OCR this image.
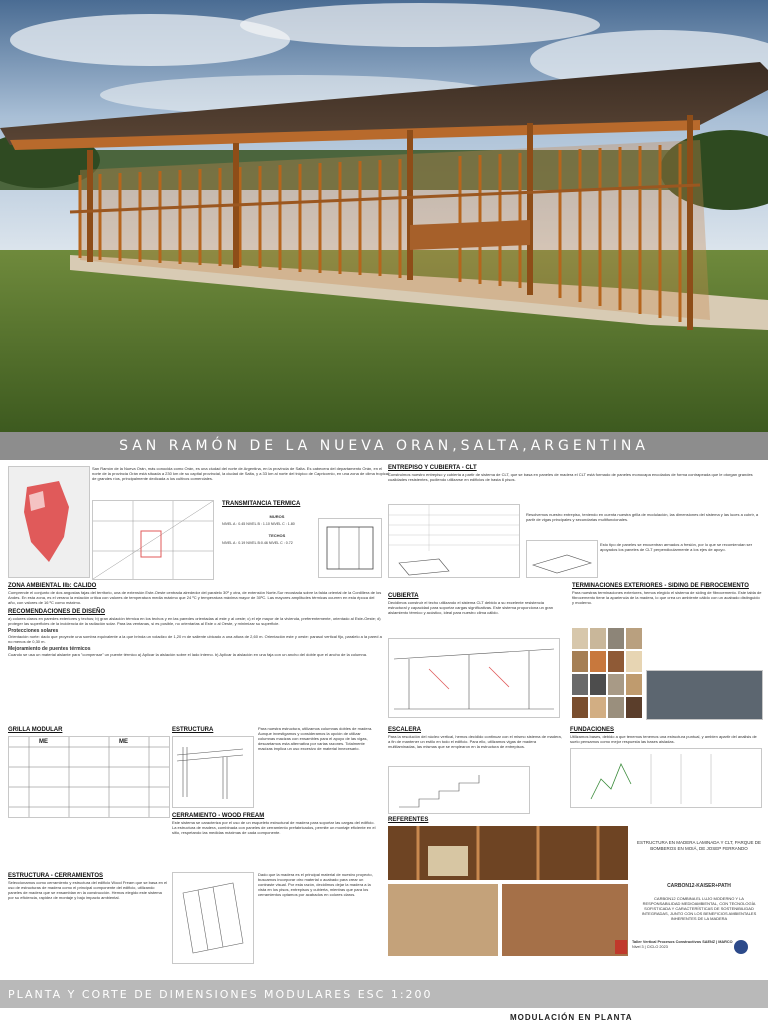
SAN RAMÓN DE LA NUEVA ORAN,SALTA,ARGENTINA
San Ramón de la Nueva Orán, más conocida como Orán, es una ciudad del norte de Argentina, en la provincia de Salta. Es cabecera del departamento Orán, en el norte de la provincia Orán está situada a 230 km de su capital provincial, la ciudad de Salta, y a 33 km al norte del trópico de Capricornio, en una zona de clima tropical, de grandes ríos, principalmente dedicada a los cultivos comerciales.
TRANSMITANCIA TERMICA
MUROS
NIVEL A : 0.45 NIVEL B : 1.10 NIVEL C : 1.80
TECHOS
NIVEL A : 0.19 NIVEL B:0.46 NIVEL C : 0.72
ZONA AMBIENTAL IIb: CALIDO
Comprende el conjunto de dos angostas fajas del territorio, una de extensión Este-Oeste centrada alrededor del paralelo 30º y otra, de extensión Norte-Sur recostada sobre la falda oriental de la Cordillera de los Andes. En esta zona, es el verano la estación crítica con valores de temperatura media máximo que 24 ºC y temperatura máxima mayor de 30ºC. Las mayores amplitudes térmicas ocurren en esta época del año, con valores de 16 ºC como máximo.
RECOMENDACIONES DE DISEÑO
a) colores claros en paredes exteriores y techos; b) gran aislación térmica en los techos y en las paredes orientadas al este y al oeste; c) el eje mayor de la vivienda, preferentemente, orientado al Este-Oeste; d) proteger las superficies de la incidencia de la radiación solar. Para las ventanas, si es posible, no orientarlas al Este o al Oeste, y minimizar su superficie.
Protecciones solares
Orientación norte: dado que proyecte una sombra equivalente a la que brinda un voladizo de 1,20 m de saliente ubicado a una altura de 2,60 m. Orientación este y oeste: parasol vertical fijo, paralelo a la pared a no menos de 0,30 m.
Mejoramiento de puentes térmicos
Cuando se usa un material aislante para "compensar" un puente térmico a) Aplicar la aislación sobre el lado interno. b) Aplicar la aislación en una faja con un ancho del doble que el ancho de la columna.
GRILLA MODULAR
ME	ME
ESTRUCTURA	Para nuestra estructura, utilizamos columnas dobles de madera. Aunque investigamos y consideramos la opción de utilizar columnas macizas con ensambles para el apoyo de las vigas, descartamos esta alternativa por varias razones. Totalmente macizas implica un uso excesivo de material innecesario.
CERRAMIENTO - WOOD FREAM
Este sistema se caracteriza por el uso de un esqueleto estructural de madera para soportar las cargas del edificio. La estructura de madera, combinada con paneles de cerramiento prefabricados, permite un montaje eficiente en el sitio, respetando las medidas máximas de cada componente.
ESTRUCTURA - CERRAMIENTOS
Seleccionamos como cerramiento y estructura del edificio Wood Fream que se basa en el uso de estructuras de madera como el principal componente del edificio, utilizando paneles de madera que se ensamblan en la construcción. Hemos elegido este sistema por su eficiencia, rapidez de montaje y bajo impacto ambiental.
Dado que la madera es el principal material de nuestro proyecto, buscamos incorporar otro material o acabado para crear un contraste visual. Por esta razón, decidimos dejar la madera a la vista en los pisos, entrepisos y cubierta, mientras que para los cerramientos optamos por acabados en colores claros.
ENTREPISO Y CUBIERTA - CLT
Construimos nuestro entrepiso y cubierta a partir de sistema de CLT, que se basa en paneles de madera el CLT está formado de paneles monocapa encolados de forma contrapeada que le otorgan grandes cualidades resistentes, pudiendo utilizarse en edificios de hasta 6 pisos.
Resolvemos nuestro entrepiso, teniendo en cuenta nuestra grilla de modulación, las dimensiones del sistema y las luces a cubrir, a partir de vigas principales y secundarias multifuncionales.
Esto tipo de paneles se encuentran armados a fresión, por lo que se recomiendan ser apoyados los paneles de CLT perpendicularmente a los ejes de apoyo.
CUBIERTA
Decidimos construir el techo utilizando el sistema CLT debido a su excelente resistencia estructural y capacidad para soportar cargas significativas. Este sistema proporciona un gran aislamiento térmico y acústico, ideal para nuestro clima cálido.
TERMINACIONES EXTERIORES - SIDING DE FIBROCEMENTO
Para nuestras terminaciones exteriores, hemos elegido el sistema de siding de fibrocemento. Este tabla de fibrocemento tiene la apariencia de la madera, lo que crea un ambiente cálido con un acabado distinguido y moderno.
ESCALERA
Para la resolución del núcleo vertical, hemos decidido continuar con el mismo sistema de madera, a fin de mantener un estilo en todo el edificio. Para ello, utilizamos vigas de madera multilaminadas, las mismas que se emplearon en la estructura de entrepisos.
FUNDACIONES
Utilizamos bases, debido a que tenemos tenemos una estructura puntual, y ambien apartir del analisis de suelo pensamos como mejor respuesta las bases aisladas.
REFERENTES
ESTRUCTURA EN MADERA LAMINADA Y CLT, PARQUE DE BOMBEROS EN MOIÁ, DE JOSEP FERRANDO
CARBON12-KAISER+PATH
CARBON12 COMBINA EL LUJO MODERNO Y LA RESPONSABILIDAD MEDIOAMBIENTAL, CON TECNOLOGÍA SOFISTICADA Y CARACTERÍSTICAS DE SOSTENIBILIDAD INTEGRADAS, JUNTO CON LOS BENEFICIOS AMBIENTALES INHERENTES DE LA MADERA
Taller Vertical Procesos Constructivos SAENZ | MARCO
Nivel 3 | CICLO 2023
PLANTA Y CORTE DE DIMENSIONES MODULARES ESC 1:200
MODULACIÓN EN PLANTA
